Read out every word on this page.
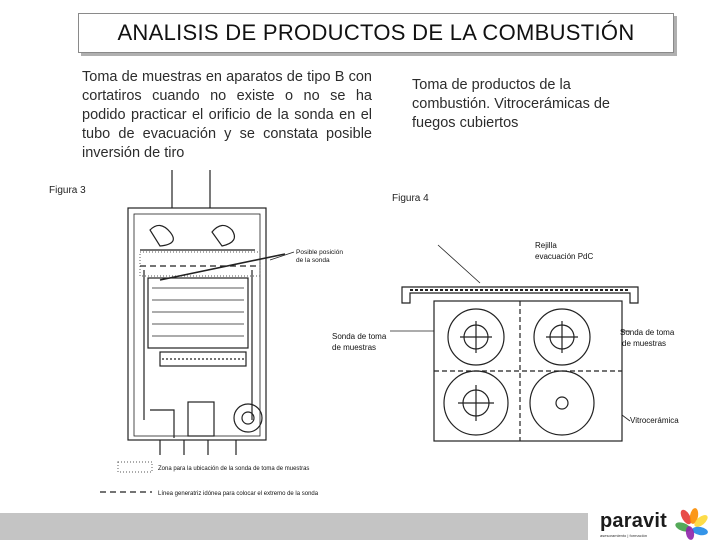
ANALISIS DE PRODUCTOS DE LA COMBUSTIÓN
Toma de muestras en aparatos de tipo B con cortatiros cuando no existe o no se ha podido practicar el orificio de la sonda en el tubo de evacuación y se constata posible inversión de tiro
Toma de productos de la combustión. Vitrocerámicas de fuegos cubiertos
Figura 3
Figura 4
Posible posición
de la sonda
Zona para la ubicación de la sonda de toma de muestras
Línea generatriz idónea para colocar el extremo de la sonda
Rejilla
evacuación PdC
Sonda de toma
de muestras
Sonda de toma
de muestras
Vitrocerámica
paravit
asesoramiento | formación
